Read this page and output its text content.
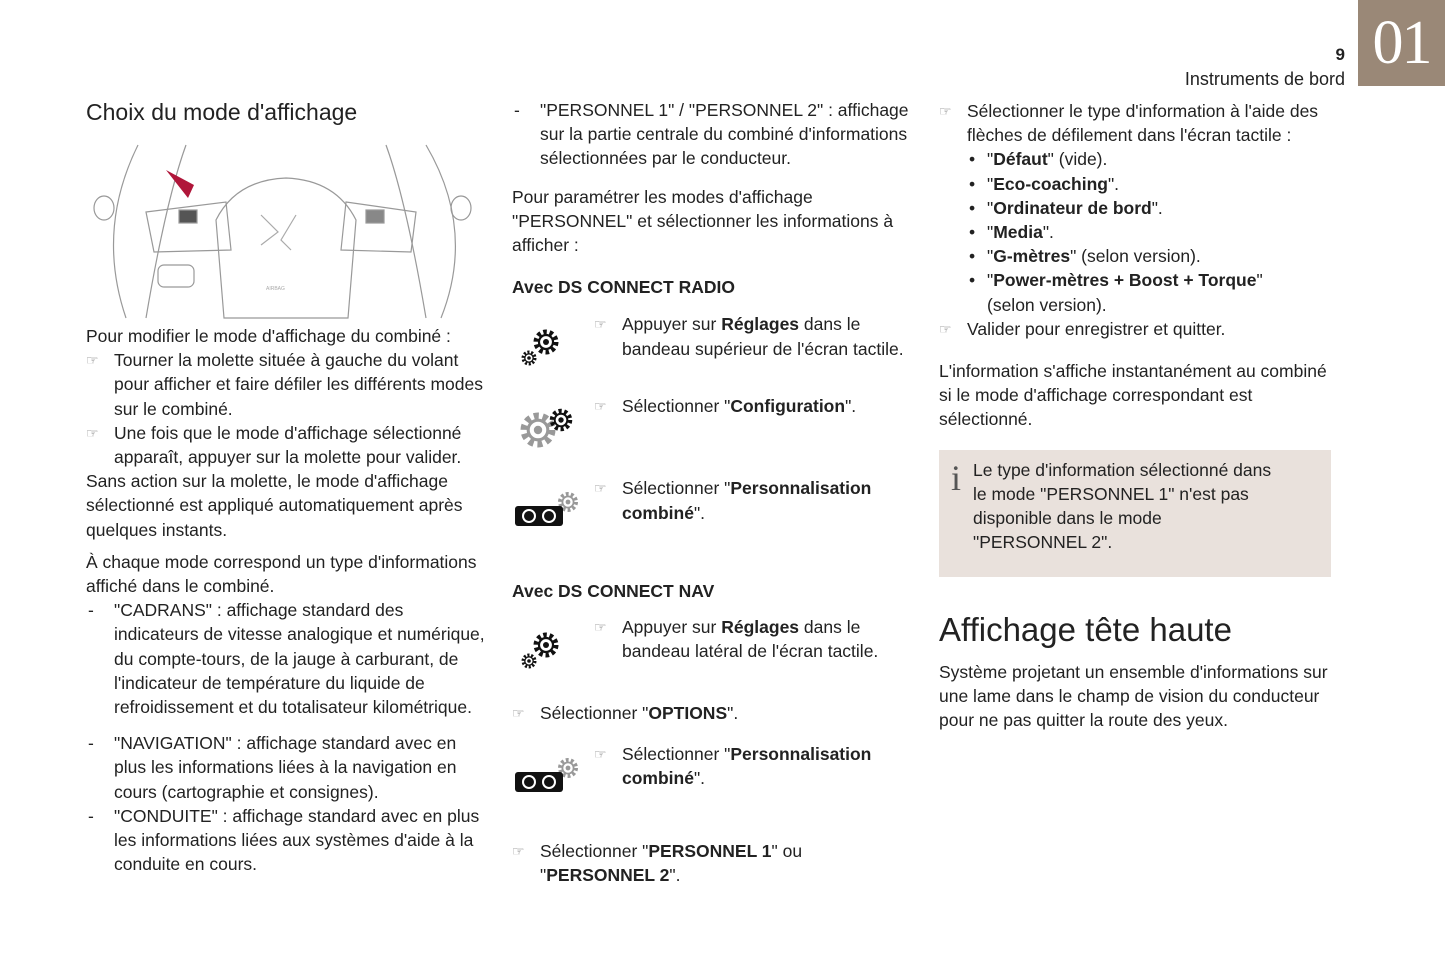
01
9
Instruments de bord
Choix du mode d'affichage
AIRBAG

Pour modifier le mode d'affichage du combiné :

☞ Tourner la molette située à gauche du volant pour afficher et faire défiler les différents modes sur le combiné.
☞ Une fois que le mode d'affichage sélectionné apparaît, appuyer sur la molette pour valider.

Sans action sur la molette, le mode d'affichage sélectionné est appliqué automatiquement après quelques instants.

À chaque mode correspond un type d'informations affiché dans le combiné.

- "CADRANS" : affichage standard des indicateurs de vitesse analogique et numérique, du compte-tours, de la jauge à carburant, de l'indicateur de température du liquide de refroidissement et du totalisateur kilométrique.
- "NAVIGATION" : affichage standard avec en plus les informations liées à la navigation en cours (cartographie et consignes).
- "CONDUITE" : affichage standard avec en plus les informations liées aux systèmes d'aide à la conduite en cours.
- "PERSONNEL 1" / "PERSONNEL 2" : affichage sur la partie centrale du combiné d'informations sélectionnées par le conducteur.

Pour paramétrer les modes d'affichage "PERSONNEL" et sélectionner les informations à afficher :

Avec DS CONNECT RADIO
☞ Appuyer sur Réglages dans le bandeau supérieur de l'écran tactile.
☞ Sélectionner "Configuration".
☞ Sélectionner "Personnalisation combiné".
Avec DS CONNECT NAV
☞ Appuyer sur Réglages dans le bandeau latéral de l'écran tactile.
☞ Sélectionner "OPTIONS".
☞ Sélectionner "Personnalisation combiné".
☞ Sélectionner "PERSONNEL 1" ou "PERSONNEL 2".
☞ Sélectionner le type d'information à l'aide des flèches de défilement dans l'écran tactile :
• "Défaut" (vide).
• "Eco-coaching".
• "Ordinateur de bord".
• "Media".
• "G-mètres" (selon version).
• "Power-mètres + Boost + Torque" (selon version).
☞ Valider pour enregistrer et quitter.

L'information s'affiche instantanément au combiné si le mode d'affichage correspondant est sélectionné.

i Le type d'information sélectionné dans le mode "PERSONNEL 1" n'est pas disponible dans le mode "PERSONNEL 2".

Affichage tête haute

Système projetant un ensemble d'informations sur une lame dans le champ de vision du conducteur pour ne pas quitter la route des yeux.
